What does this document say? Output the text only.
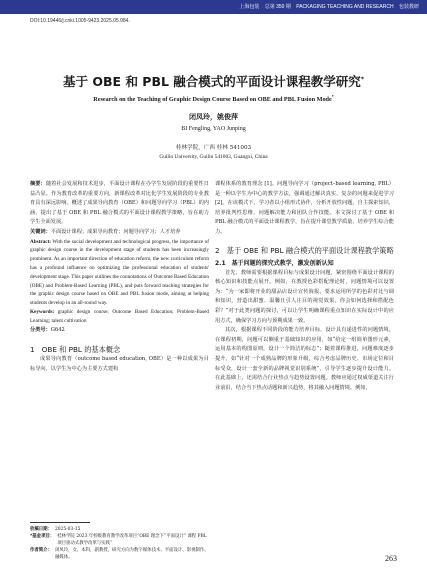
上海包装 总第 350 期 PACKAGING TEACHING AND RESEARCH 包装教研
DOI:10.19446/j.cnki.1005-9423.2025.05.084.
基于 OBE 和 PBL 融合模式的平面设计课程教学研究*
Research on the Teaching of Graphic Design Course Based on OBE and PBL Fusion Mode*
闭凤玲，姚俊萍
BI Fengling, YAO Junping
桂林学院，广西 桂林 541003
Guilin University, Guilin 541003, Guangxi, China

摘要：随着社会发展和技术进步，平面设计课程在办学生发展阶段的重要性日益凸显。作为教育改革的重要方向，新课程改革对比化学生发展阶段的专业教育具有深远影响。概述了成果导向教育（OBE）和问题导向学习（PBL）的内涵，提出了基于 OBE 和 PBL 融合模式的平面设计课程教学策略，旨在助力学生全面发展。

关键词：平面设计课程；成果导向教育；问题导向学习；人才培养

Abstract: With the social development and technological progress, the importance of graphic design course in the development stage of students has been increasingly prominent. As an important direction of education reform, the new curriculum reform has a profound influence on optimizing the professional education of students' development stage. This paper outlines the connotations of Outcome Based Education (OBE) and Problem-Based Learning (PBL), and puts forward teaching strategies for the graphic design course based on OBE and PBL fusion mode, aiming at helping students develop in an all-round way.

Keywords: graphic design course; Outcome Based Education; Problem-Based Learning; talent cultivation

分类号：G642

1　OBE 和 PBL 的基本概念

成果导向教育（outcome based education, OBE）是一种以成果为目标导向、以学生为中心为主要方式建构

课程体系的教育理念 [1]。问题导向学习（project–based learning, PBL）是一种以学生为中心的教学方法，强调通过解决真实、复杂的问题来促进学习 [2]。在该模式下，学习者以小组形式协作，分析开放性问题，自主探索知识，培养批判性思维、问题解决能力和团队合作技能。本文探讨了基于 OBE 和 PBL 融合模式的平面设计课程教学，旨在提升课堂教学质量，培养学生综合能力。

2　基于 OBE 和 PBL 融合模式的平面设计课程教学策略

2.1　基于问题的探究式教学，激发创新认知

首先，教师需要根据课程目标与成果设计问题，紧密围绕平面设计课程的核心知识和技能点展开。例如，在教授色彩搭配理论时，问题情境可以设置为：“为一家即将开业的甜品店设计宣传海报，要求运用所学的色彩对比与调和知识，营造出甜蜜、温馨且引人注目的视觉效果，你会如何选择和搭配色彩？”对于此类问题的探讨，可以让学生明确课程重点知识在实际设计中的应用方式，确保学习方向与预期成果一致。

其次，根据课程不同阶段的能力培养目标，设计具有递进性的问题情境。在课程初期，问题可以侧重于基础知识的应用，如“给定一组简单图形元素，运用基本的构图原则，设计一个简洁的标志”；随着课程推进，问题难度逐步提升，如“针对一个成熟品牌的形象升级，综合考虑品牌历史、市场定位和目标受众，设计一套全新的品牌视觉识别系统”，引导学生逐步提升设计能力。在此基础上，还需结合行业热点与趋势设置问题。教师应通过权威渠道关注行业前沿，结合当下热点话题和新兴趋势，将其融入问题情境。例如，

收稿日期： 2025-03-15
*基金项目： 桂林学院 2023 年校级教育教学改革项目“OBE 理念下“平面设计” 课程 PBL 项目驱动式教学改革与实践”
作者简介： 闭凤玲，女，本科，副教授，研究方向为数字媒体技术、平面设计、影视制作、融媒体。	263
